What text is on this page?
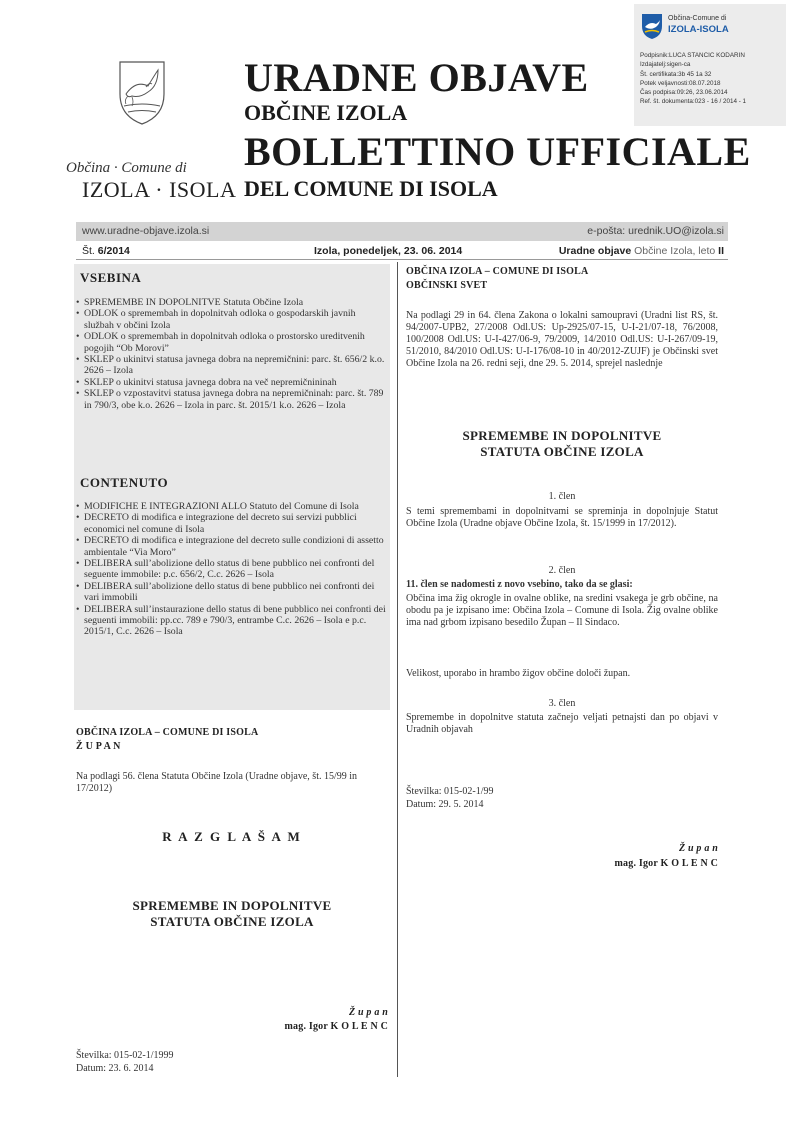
Občina-Comune di
IZOLA-ISOLA
Podpisnik:LUCA STANCIC KODARIN
Izdajatelj:sigen-ca
Št. certifikata:3b 45 1a 32
Potek veljavnosti:08.07.2018
Čas podpisa:09:26, 23.06.2014
Ref. št. dokumenta:023 - 16 / 2014 - 1
Občina · Comune di
IZOLA · ISOLA
URADNE OBJAVE
OBČINE IZOLA
BOLLETTINO UFFICIALE
DEL COMUNE DI ISOLA
www.uradne-objave.izola.si	e-pošta: urednik.UO@izola.si
Št. 6/2014	Izola, ponedeljek, 23. 06. 2014	Uradne objave Občine Izola, leto II
VSEBINA
• SPREMEMBE IN DOPOLNITVE Statuta Občine Izola
• ODLOK o spremembah in dopolnitvah odloka o gospodarskih javnih službah v občini Izola
• ODLOK o spremembah in dopolnitvah odloka o prostorsko ureditvenih pogojih “Ob Morovi”
• SKLEP o ukinitvi statusa javnega dobra na nepremičnini: parc. št. 656/2 k.o. 2626 – Izola
• SKLEP o ukinitvi statusa javnega dobra na več nepremičnininah
• SKLEP o vzpostavitvi statusa javnega dobra na nepremičninah: parc. št. 789 in 790/3, obe k.o. 2626 – Izola in parc. št. 2015/1 k.o. 2626 – Izola
CONTENUTO
• MODIFICHE E INTEGRAZIONI ALLO Statuto del Comune di Isola
• DECRETO di modifica e integrazione del decreto sui servizi pubblici economici nel comune di Isola
• DECRETO di modifica e integrazione del decreto sulle condizioni di assetto ambientale “Via Moro”
• DELIBERA sull’abolizione dello status di bene pubblico nei confronti del seguente immobile: p.c. 656/2, C.c. 2626 – Isola
• DELIBERA sull’abolizione dello status di bene pubblico nei confronti dei vari immobili
• DELIBERA sull’instaurazione dello status di bene pubblico nei confronti dei seguenti immobili: pp.cc. 789 e 790/3, entrambe C.c. 2626 – Isola e p.c. 2015/1, C.c. 2626 – Isola
OBČINA IZOLA – COMUNE DI ISOLA
Ž U P A N
Na podlagi 56. člena Statuta Občine Izola (Uradne objave, št. 15/99 in 17/2012)
R A Z G L A Š A M
SPREMEMBE IN DOPOLNITVE
STATUTA OBČINE IZOLA
Ž u p a n
mag. Igor K O L E N C
Številka: 015-02-1/1999
Datum: 23. 6. 2014
OBČINA IZOLA – COMUNE DI ISOLA
OBČINSKI SVET
Na podlagi 29 in 64. člena Zakona o lokalni samoupravi (Uradni list RS, št. 94/2007-UPB2, 27/2008 Odl.US: Up-2925/07-15, U-I-21/07-18, 76/2008, 100/2008 Odl.US: U-I-427/06-9, 79/2009, 14/2010 Odl.US: U-I-267/09-19, 51/2010, 84/2010 Odl.US: U-I-176/08-10 in 40/2012-ZUJF) je Občinski svet Občine Izola na 26. redni seji, dne 29. 5. 2014, sprejel naslednje
SPREMEMBE IN DOPOLNITVE
STATUTA OBČINE IZOLA
1. člen
S temi spremembami in dopolnitvami se spreminja in dopolnjuje Statut Občine Izola (Uradne objave Občine Izola, št. 15/1999 in 17/2012).
2. člen
11. člen se nadomesti z novo vsebino, tako da se glasi:
Občina ima žig okrogle in ovalne oblike, na sredini vsakega je grb občine, na obodu pa je izpisano ime: Občina Izola – Comune di Isola. Žig ovalne oblike ima nad grbom izpisano besedilo Župan – Il Sindaco.
Velikost, uporabo in hrambo žigov občine določi župan.
3. člen
Spremembe in dopolnitve statuta začnejo veljati petnajsti dan po objavi v Uradnih objavah
Številka: 015-02-1/99
Datum: 29. 5. 2014
Ž u p a n
mag. Igor K O L E N C
